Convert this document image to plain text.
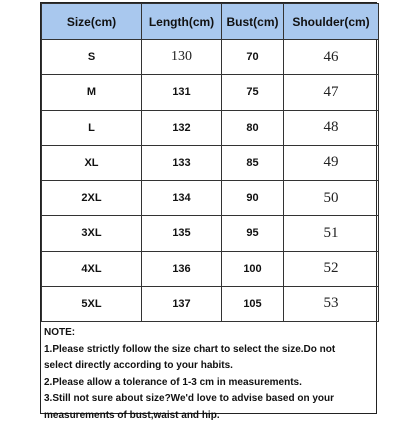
Size(cm)	Length(cm)	Bust(cm)	Shoulder(cm)
S	130	70	46
M	131	75	47
L	132	80	48
XL	133	85	49
2XL	134	90	50
3XL	135	95	51
4XL	136	100	52
5XL	137	105	53
NOTE:
1.Please strictly follow the size chart to select the size.Do not
select directly according to your habits.
2.Please allow a tolerance of 1-3 cm in measurements.
3.Still not sure about size?We'd love to advise based on your
measurements of bust,waist and hip.
